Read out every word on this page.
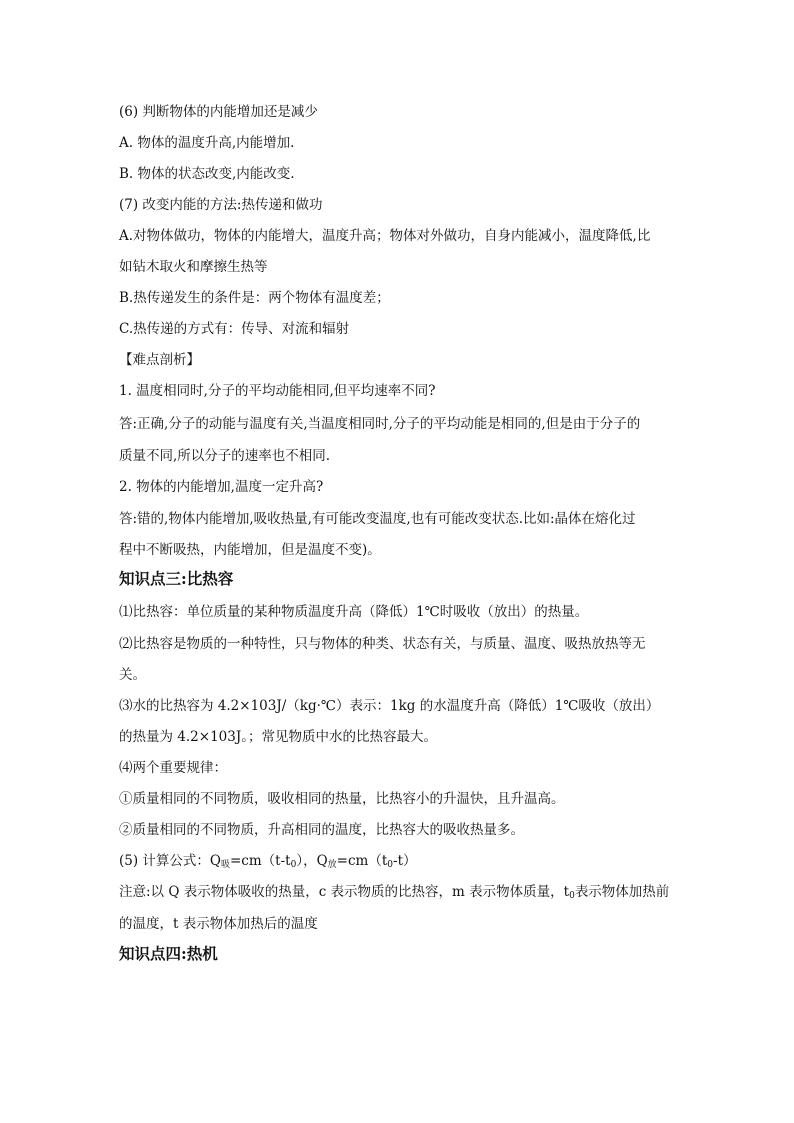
(6) 判断物体的内能增加还是减少
A. 物体的温度升高,内能增加.
B. 物体的状态改变,内能改变.
(7) 改变内能的方法:热传递和做功
A.对物体做功，物体的内能增大，温度升高；物体对外做功，自身内能减小，温度降低,比
如钻木取火和摩擦生热等
B.热传递发生的条件是：两个物体有温度差；
C.热传递的方式有：传导、对流和辐射
【难点剖析】
1. 温度相同时,分子的平均动能相同,但平均速率不同?
答:正确,分子的动能与温度有关,当温度相同时,分子的平均动能是相同的,但是由于分子的
质量不同,所以分子的速率也不相同.
2. 物体的内能增加,温度一定升高?
答:错的,物体内能增加,吸收热量,有可能改变温度,也有可能改变状态.比如:晶体在熔化过
程中不断吸热，内能增加，但是温度不变)。
知识点三:比热容
⑴比热容：单位质量的某种物质温度升高（降低）1℃时吸收（放出）的热量。
⑵比热容是物质的一种特性，只与物体的种类、状态有关，与质量、温度、吸热放热等无
关。
⑶水的比热容为 4.2×103J/（kg·℃）表示：1kg 的水温度升高（降低）1℃吸收（放出）
的热量为 4.2×103J。；常见物质中水的比热容最大。
⑷两个重要规律：
①质量相同的不同物质，吸收相同的热量，比热容小的升温快，且升温高。
②质量相同的不同物质，升高相同的温度，比热容大的吸收热量多。
(5) 计算公式：$Q_吸=cm(t-t_0)$，$Q_放=cm(t_0-t)$
注意:以 Q 表示物体吸收的热量，c 表示物质的比热容，m 表示物体质量，$t_0$表示物体加热前
的温度，t 表示物体加热后的温度
知识点四:热机
